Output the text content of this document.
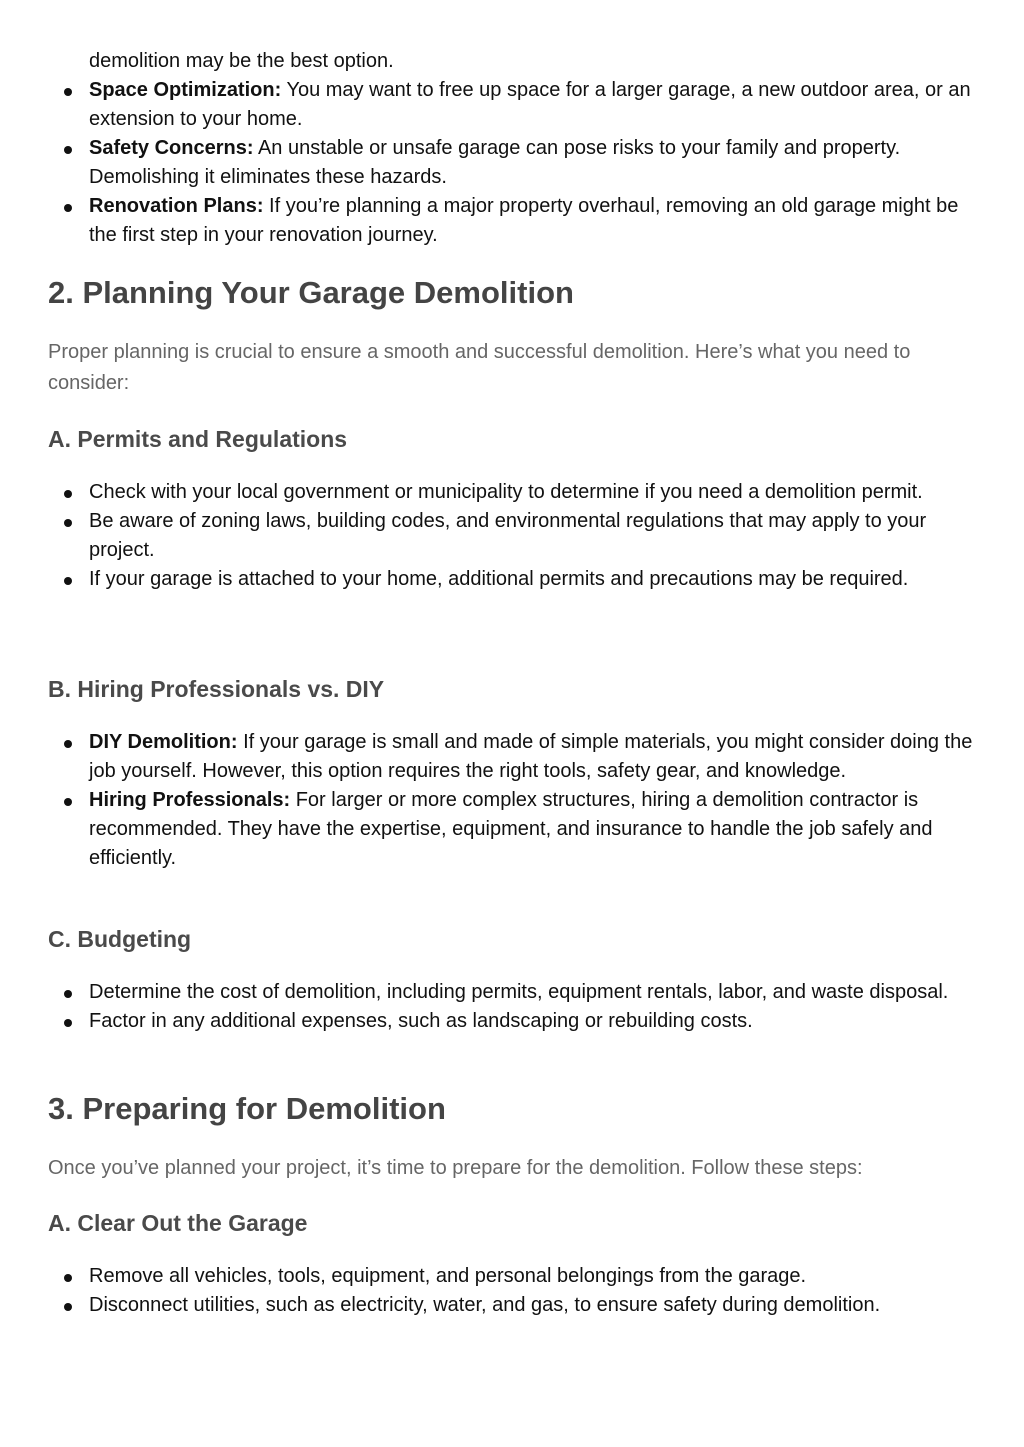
demolition may be the best option.
Space Optimization: You may want to free up space for a larger garage, a new outdoor area, or an extension to your home.
Safety Concerns: An unstable or unsafe garage can pose risks to your family and property. Demolishing it eliminates these hazards.
Renovation Plans: If you’re planning a major property overhaul, removing an old garage might be the first step in your renovation journey.
2. Planning Your Garage Demolition

Proper planning is crucial to ensure a smooth and successful demolition. Here’s what you need to consider:

A. Permits and Regulations
Check with your local government or municipality to determine if you need a demolition permit.
Be aware of zoning laws, building codes, and environmental regulations that may apply to your project.
If your garage is attached to your home, additional permits and precautions may be required.
B. Hiring Professionals vs. DIY
DIY Demolition: If your garage is small and made of simple materials, you might consider doing the job yourself. However, this option requires the right tools, safety gear, and knowledge.
Hiring Professionals: For larger or more complex structures, hiring a demolition contractor is recommended. They have the expertise, equipment, and insurance to handle the job safely and efficiently.
C. Budgeting
Determine the cost of demolition, including permits, equipment rentals, labor, and waste disposal.
Factor in any additional expenses, such as landscaping or rebuilding costs.
3. Preparing for Demolition

Once you’ve planned your project, it’s time to prepare for the demolition. Follow these steps:

A. Clear Out the Garage
Remove all vehicles, tools, equipment, and personal belongings from the garage.
Disconnect utilities, such as electricity, water, and gas, to ensure safety during demolition.
